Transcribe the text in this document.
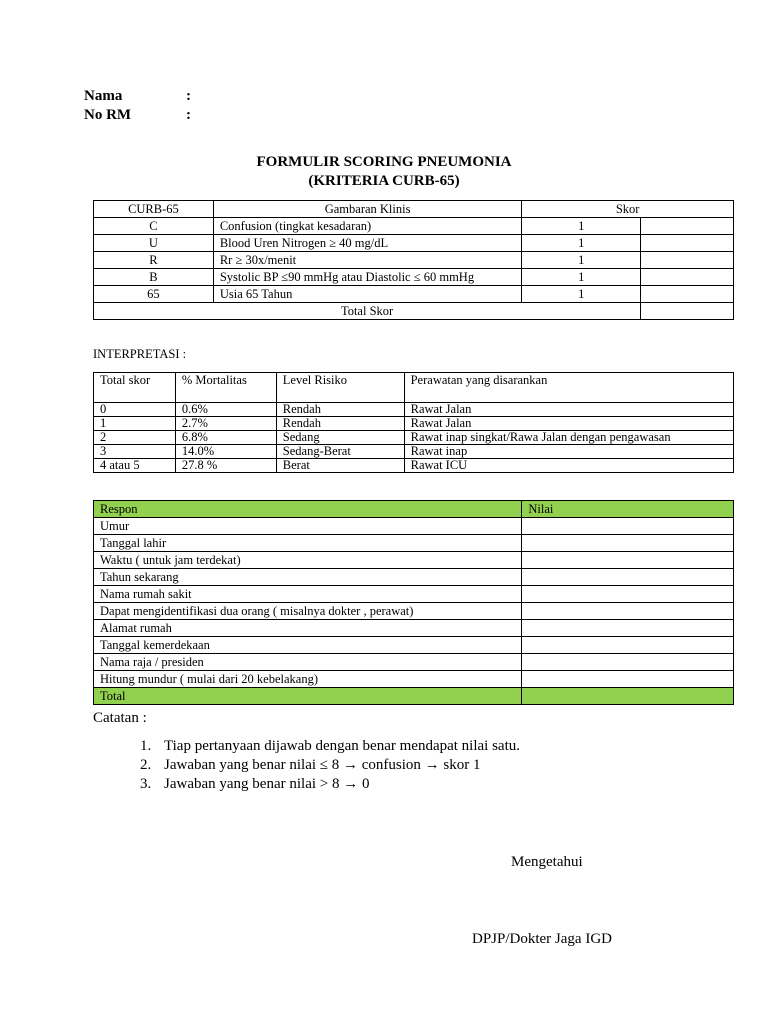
Nama	:
No RM	:
FORMULIR SCORING PNEUMONIA
(KRITERIA CURB-65)
CURB-65	Gambaran Klinis	Skor	
C	Confusion (tingkat kesadaran)	1	
U	Blood Uren Nitrogen ≥ 40 mg/dL	1	
R	Rr ≥ 30x/menit	1	
B	Systolic BP ≤90 mmHg atau Diastolic ≤ 60 mmHg	1	
65	Usia 65 Tahun	1	
Total Skor			
INTERPRETASI :
Total skor	% Mortalitas	Level Risiko	Perawatan yang disarankan
0	0.6%	Rendah	Rawat Jalan
1	2.7%	Rendah	Rawat Jalan
2	6.8%	Sedang	Rawat inap singkat/Rawa Jalan dengan pengawasan
3	14.0%	Sedang-Berat	Rawat inap
4 atau 5	27.8 %	Berat	Rawat ICU
Respon	Nilai
Umur	
Tanggal lahir	
Waktu ( untuk jam terdekat)	
Tahun sekarang	
Nama rumah sakit	
Dapat mengidentifikasi dua orang ( misalnya dokter , perawat)	
Alamat rumah	
Tanggal kemerdekaan	
Nama raja / presiden	
Hitung mundur ( mulai dari 20 kebelakang)	
Total	
Catatan :
1. Tiap pertanyaan dijawab dengan benar mendapat nilai satu.
2. Jawaban yang benar nilai ≤ 8 → confusion → skor 1
3. Jawaban yang benar nilai > 8 → 0
Mengetahui
DPJP/Dokter Jaga IGD
